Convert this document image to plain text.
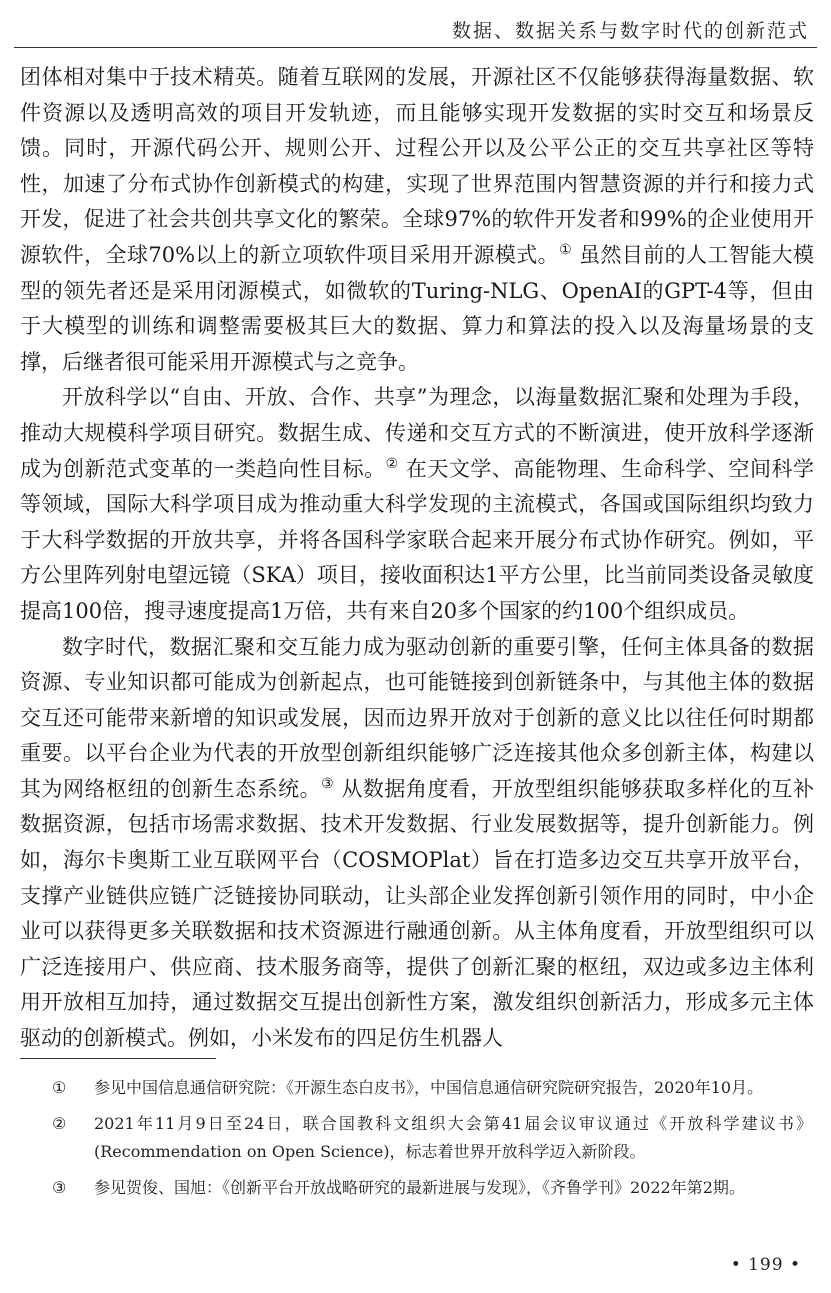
数据、数据关系与数字时代的创新范式

团体相对集中于技术精英。随着互联网的发展，开源社区不仅能够获得海量数据、软件资源以及透明高效的项目开发轨迹，而且能够实现开发数据的实时交互和场景反馈。同时，开源代码公开、规则公开、过程公开以及公平公正的交互共享社区等特性，加速了分布式协作创新模式的构建，实现了世界范围内智慧资源的并行和接力式开发，促进了社会共创共享文化的繁荣。全球97%的软件开发者和99%的企业使用开源软件，全球70%以上的新立项软件项目采用开源模式。① 虽然目前的人工智能大模型的领先者还是采用闭源模式，如微软的Turing-NLG、OpenAI的GPT-4等，但由于大模型的训练和调整需要极其巨大的数据、算力和算法的投入以及海量场景的支撑，后继者很可能采用开源模式与之竞争。

开放科学以“自由、开放、合作、共享”为理念，以海量数据汇聚和处理为手段，推动大规模科学项目研究。数据生成、传递和交互方式的不断演进，使开放科学逐渐成为创新范式变革的一类趋向性目标。② 在天文学、高能物理、生命科学、空间科学等领域，国际大科学项目成为推动重大科学发现的主流模式，各国或国际组织均致力于大科学数据的开放共享，并将各国科学家联合起来开展分布式协作研究。例如，平方公里阵列射电望远镜（SKA）项目，接收面积达1平方公里，比当前同类设备灵敏度提高100倍，搜寻速度提高1万倍，共有来自20多个国家的约100个组织成员。

数字时代，数据汇聚和交互能力成为驱动创新的重要引擎，任何主体具备的数据资源、专业知识都可能成为创新起点，也可能链接到创新链条中，与其他主体的数据交互还可能带来新增的知识或发展，因而边界开放对于创新的意义比以往任何时期都重要。以平台企业为代表的开放型创新组织能够广泛连接其他众多创新主体，构建以其为网络枢纽的创新生态系统。③ 从数据角度看，开放型组织能够获取多样化的互补数据资源，包括市场需求数据、技术开发数据、行业发展数据等，提升创新能力。例如，海尔卡奥斯工业互联网平台（COSMOPlat）旨在打造多边交互共享开放平台，支撑产业链供应链广泛链接协同联动，让头部企业发挥创新引领作用的同时，中小企业可以获得更多关联数据和技术资源进行融通创新。从主体角度看，开放型组织可以广泛连接用户、供应商、技术服务商等，提供了创新汇聚的枢纽，双边或多边主体利用开放相互加持，通过数据交互提出创新性方案，激发组织创新活力，形成多元主体驱动的创新模式。例如，小米发布的四足仿生机器人

①	参见中国信息通信研究院：《开源生态白皮书》，中国信息通信研究院研究报告，2020年10月。
②	2021年11月9日至24日，联合国教科文组织大会第41届会议审议通过《开放科学建议书》(Recommendation on Open Science)，标志着世界开放科学迈入新阶段。
③	参见贺俊、国旭：《创新平台开放战略研究的最新进展与发现》，《齐鲁学刊》2022年第2期。
• 199 •
